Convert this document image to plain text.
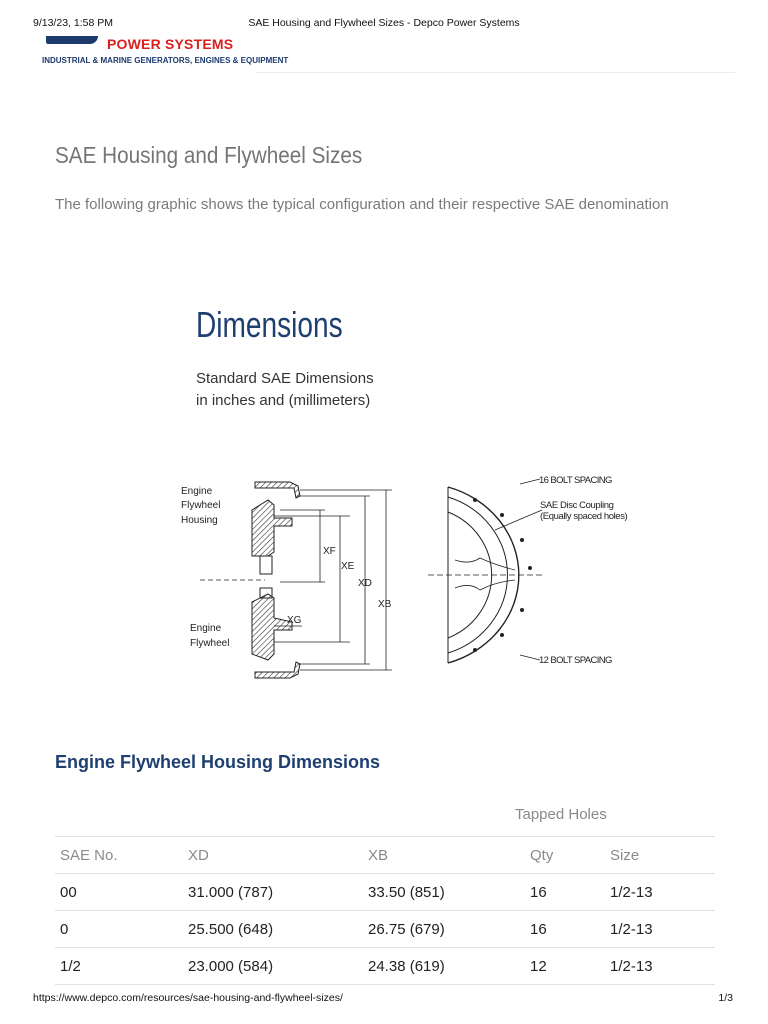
9/13/23, 1:58 PM	SAE Housing and Flywheel Sizes - Depco Power Systems
POWER SYSTEMS
INDUSTRIAL & MARINE GENERATORS, ENGINES & EQUIPMENT
SAE Housing and Flywheel Sizes
The following graphic shows the typical configuration and their respective SAE denomination
Dimensions
Standard SAE Dimensions
in inches and (millimeters)
Engine
Flywheel
Housing
Engine
Flywheel
XF
XE
XD
XB
XG
16 BOLT SPACING
SAE Disc Coupling
(Equally spaced holes)
12 BOLT SPACING
Engine Flywheel Housing Dimensions
Tapped Holes
SAE No.	XD	XB	Qty	Size
00	31.000 (787)	33.50 (851)	16	1/2-13
0	25.500 (648)	26.75 (679)	16	1/2-13
1/2	23.000 (584)	24.38 (619)	12	1/2-13
https://www.depco.com/resources/sae-housing-and-flywheel-sizes/	1/3
